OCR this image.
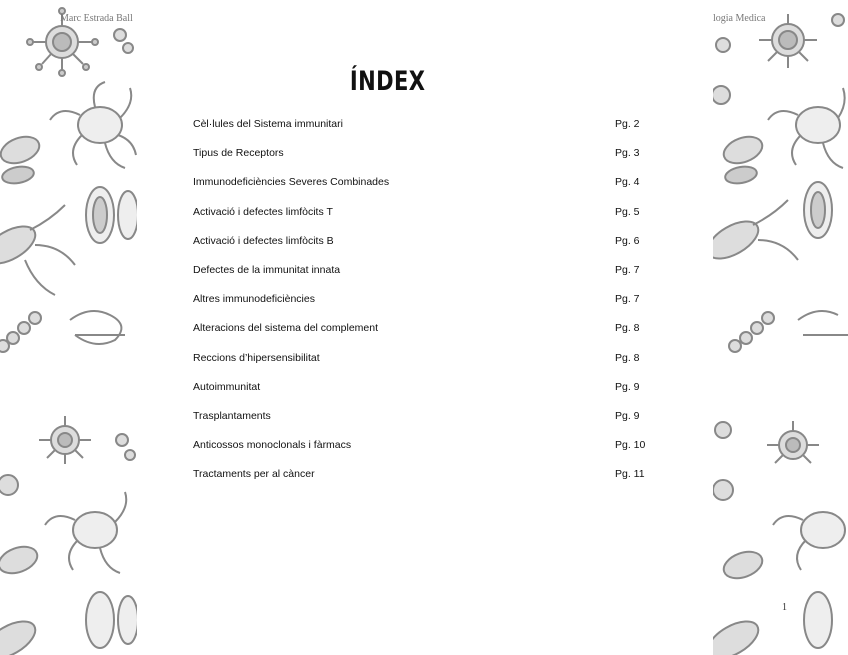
Marc Estrada Ball	logia Medica
ÍNDEX
Cèl·lules del Sistema immunitari	Pg. 2
Tipus de Receptors	Pg. 3
Immunodeficiències Severes Combinades	Pg. 4
Activació i defectes limfòcits T	Pg. 5
Activació i defectes limfòcits B	Pg. 6
Defectes de la immunitat innata	Pg. 7
Altres immunodeficiències	Pg. 7
Alteracions del sistema del complement	Pg. 8
Reccions d’hipersensibilitat	Pg. 8
Autoimmunitat	Pg. 9
Trasplantaments	Pg. 9
Anticossos monoclonals i fàrmacs	Pg. 10
Tractaments per al càncer	Pg. 11
1
